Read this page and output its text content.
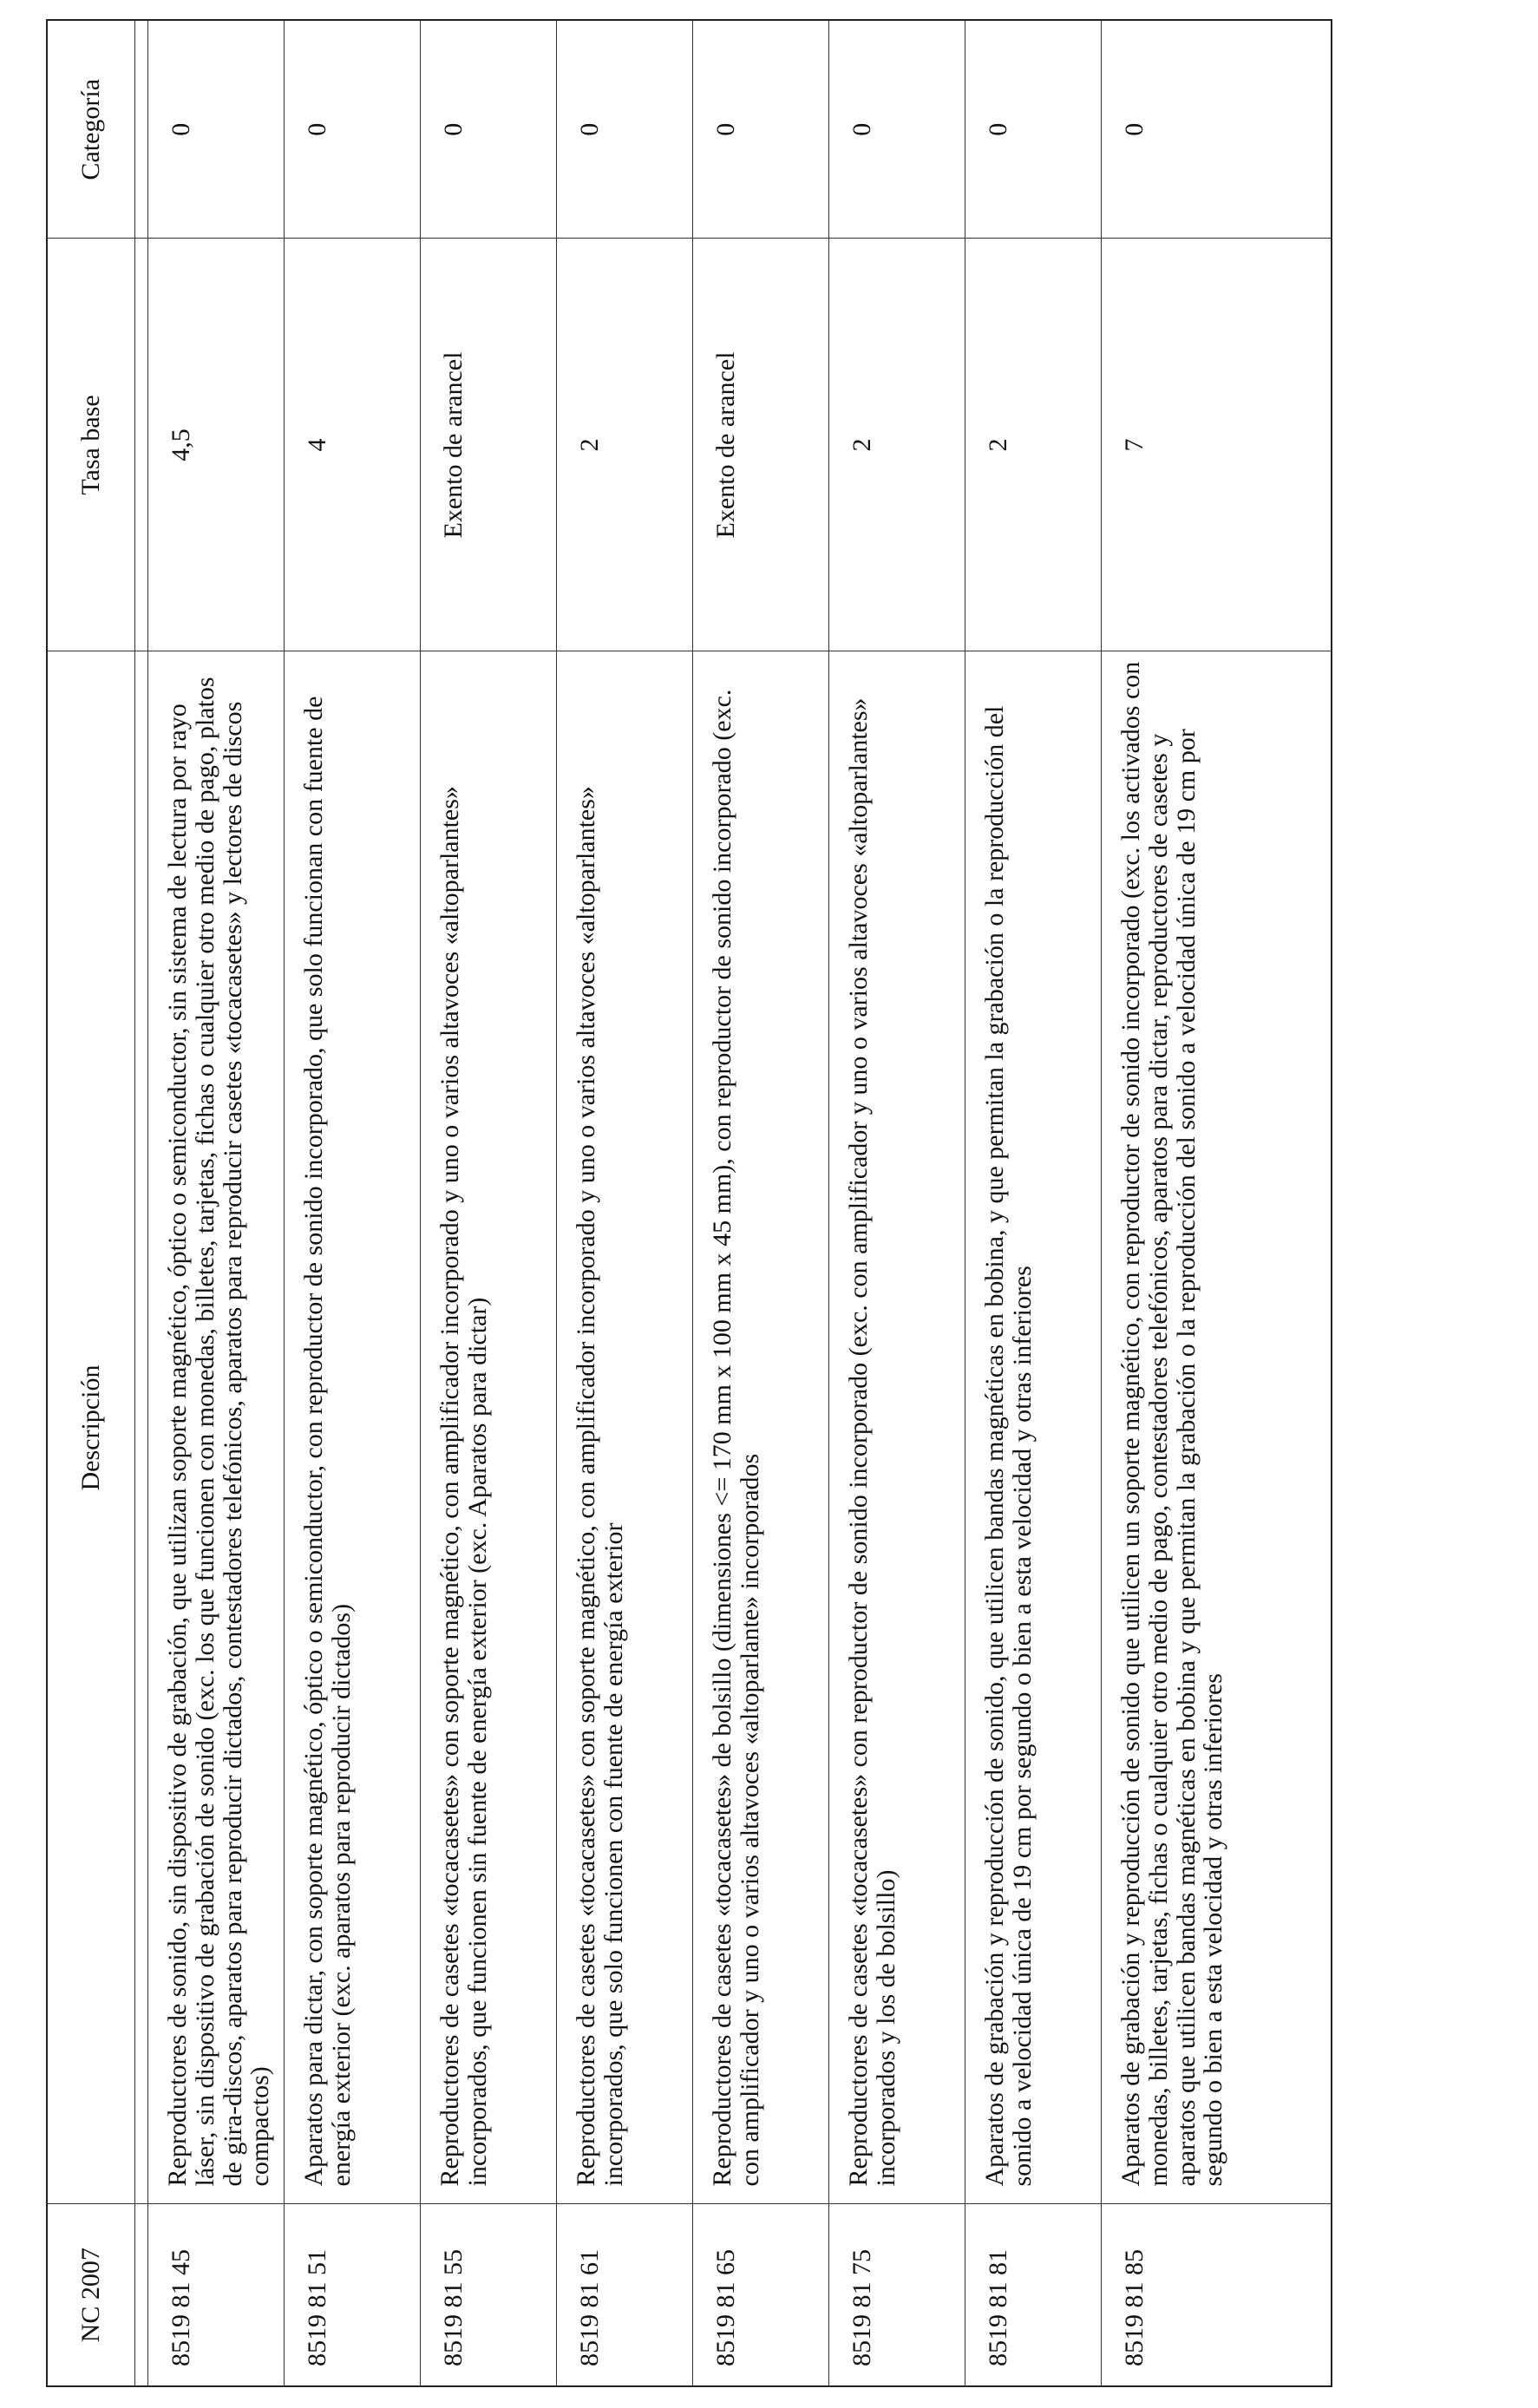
NC 2007	Descripción	Tasa base	Categoría

8519 81 45	Reproductores de sonido, sin dispositivo de grabación, que utilizan soporte magnético, óptico o semiconductor, sin sistema de lectura por rayo láser, sin dispositivo de grabación de sonido (exc. los que funcionen con monedas, billetes, tarjetas, fichas o cualquier otro medio de pago, platos de gira-discos, aparatos para reproducir dictados, contestadores telefónicos, aparatos para reproducir casetes «tocacasetes» y lectores de discos compactos)	4,5	0
8519 81 51	Aparatos para dictar, con soporte magnético, óptico o semiconductor, con reproductor de sonido incorporado, que solo funcionan con fuente de energía exterior (exc. aparatos para reproducir dictados)	4	0
8519 81 55	Reproductores de casetes «tocacasetes» con soporte magnético, con amplificador incorporado y uno o varios altavoces «altoparlantes» incorporados, que funcionen sin fuente de energía exterior (exc. Aparatos para dictar)	Exento de arancel	0
8519 81 61	Reproductores de casetes «tocacasetes» con soporte magnético, con amplificador incorporado y uno o varios altavoces «altoparlantes» incorporados, que solo funcionen con fuente de energía exterior	2	0
8519 81 65	Reproductores de casetes «tocacasetes» de bolsillo (dimensiones <= 170 mm x 100 mm x 45 mm), con reproductor de sonido incorporado (exc. con amplificador y uno o varios altavoces «altoparlante» incorporados	Exento de arancel	0
8519 81 75	Reproductores de casetes «tocacasetes» con reproductor de sonido incorporado (exc. con amplificador y uno o varios altavoces «altoparlantes» incorporados y los de bolsillo)	2	0
8519 81 81	Aparatos de grabación y reproducción de sonido, que utilicen bandas magnéticas en bobina, y que permitan la grabación o la reproducción del sonido a velocidad única de 19 cm por segundo o bien a esta velocidad y otras inferiores	2	0
8519 81 85	Aparatos de grabación y reproducción de sonido que utilicen un soporte magnético, con reproductor de sonido incorporado (exc. los activados con monedas, billetes, tarjetas, fichas o cualquier otro medio de pago, contestadores telefónicos, aparatos para dictar, reproductores de casetes y aparatos que utilicen bandas magnéticas en bobina y que permitan la grabación o la reproducción del sonido a velocidad única de 19 cm por segundo o bien a esta velocidad y otras inferiores	7	0
